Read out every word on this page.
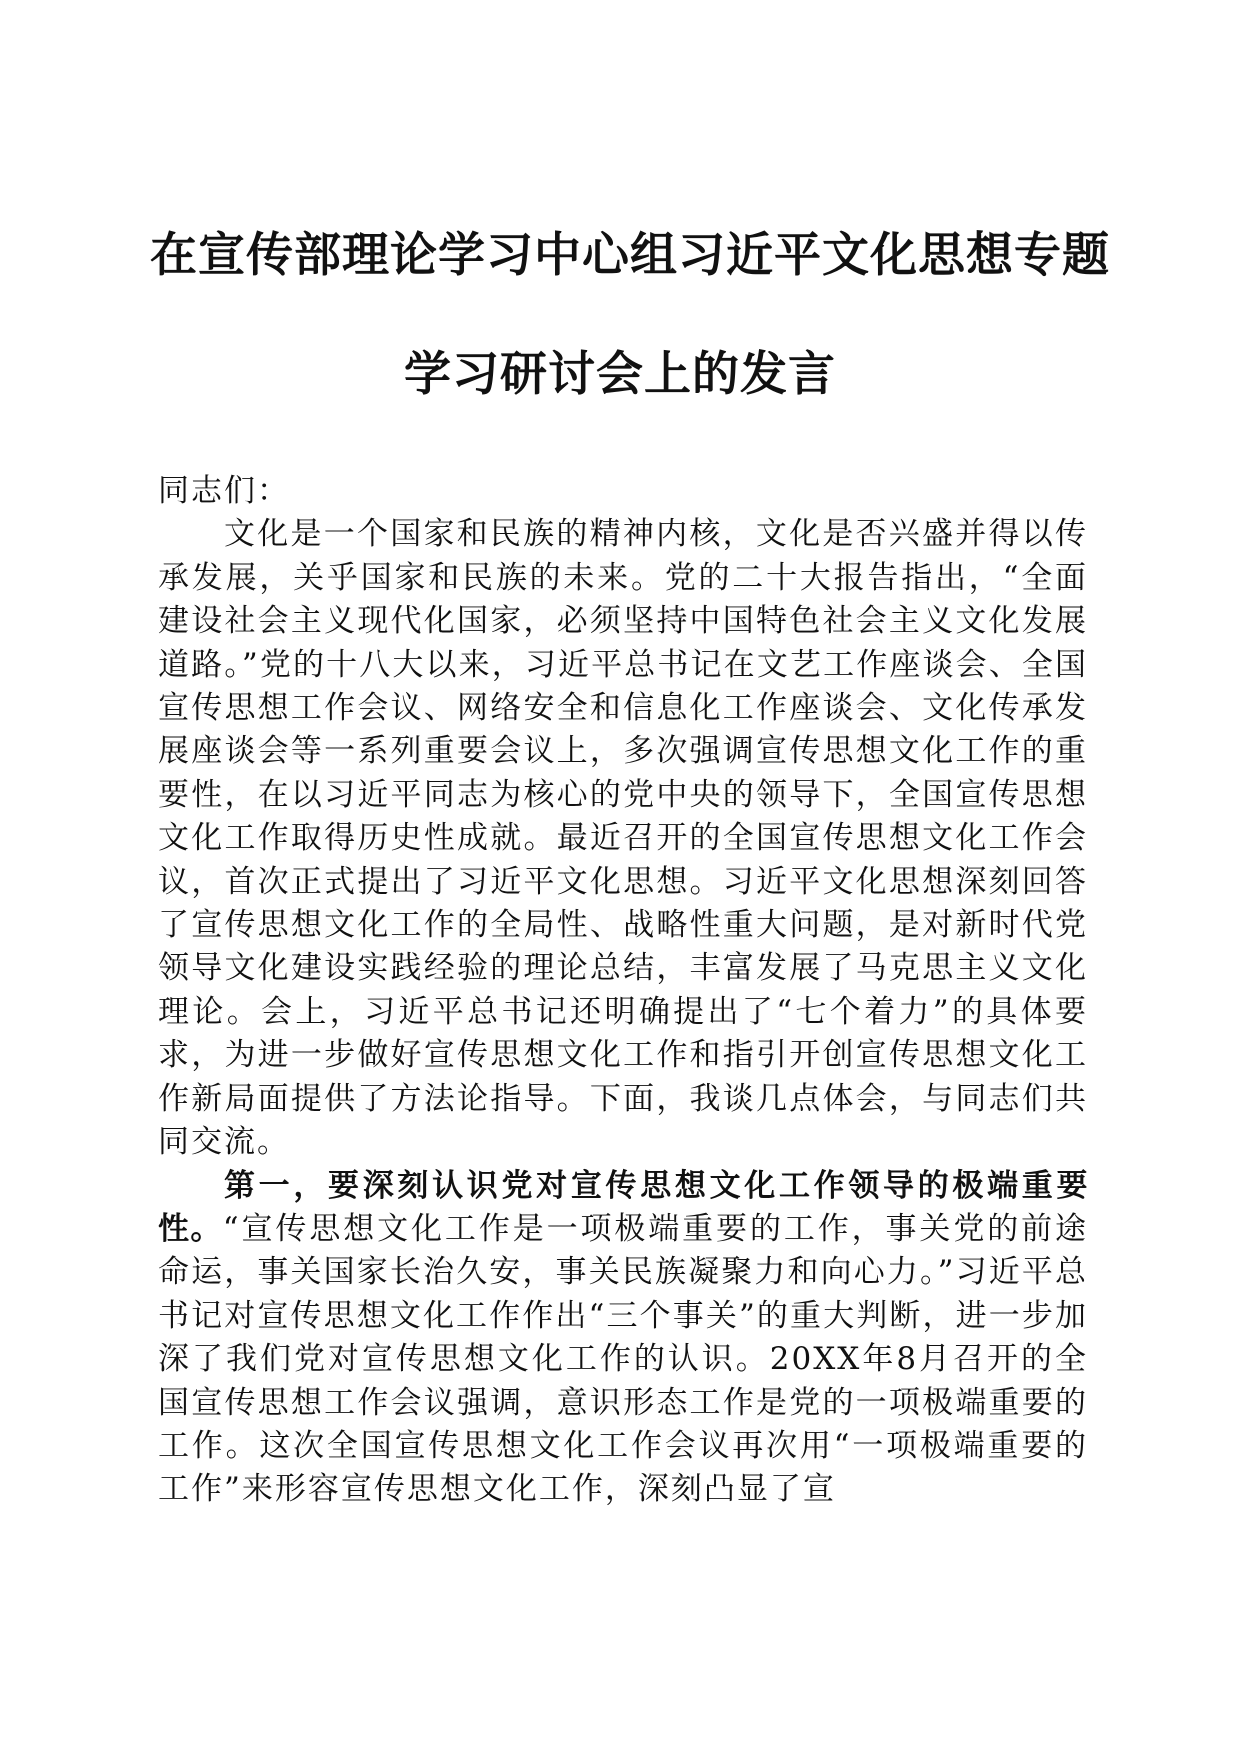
在宣传部理论学习中心组习近平文化思想专题
学习研讨会上的发言

同志们：

文化是一个国家和民族的精神内核，文化是否兴盛并得以传承发展，关乎国家和民族的未来。党的二十大报告指出，“全面建设社会主义现代化国家，必须坚持中国特色社会主义文化发展道路。”党的十八大以来，习近平总书记在文艺工作座谈会、全国宣传思想工作会议、网络安全和信息化工作座谈会、文化传承发展座谈会等一系列重要会议上，多次强调宣传思想文化工作的重要性，在以习近平同志为核心的党中央的领导下，全国宣传思想文化工作取得历史性成就。最近召开的全国宣传思想文化工作会议，首次正式提出了习近平文化思想。习近平文化思想深刻回答了宣传思想文化工作的全局性、战略性重大问题，是对新时代党领导文化建设实践经验的理论总结，丰富发展了马克思主义文化理论。会上，习近平总书记还明确提出了“七个着力”的具体要求，为进一步做好宣传思想文化工作和指引开创宣传思想文化工作新局面提供了方法论指导。下面，我谈几点体会，与同志们共同交流。

第一，要深刻认识党对宣传思想文化工作领导的极端重要性。“宣传思想文化工作是一项极端重要的工作，事关党的前途命运，事关国家长治久安，事关民族凝聚力和向心力。”习近平总书记对宣传思想文化工作作出“三个事关”的重大判断，进一步加深了我们党对宣传思想文化工作的认识。20XX年8月召开的全国宣传思想工作会议强调，意识形态工作是党的一项极端重要的工作。这次全国宣传思想文化工作会议再次用“一项极端重要的工作”来形容宣传思想文化工作，深刻凸显了宣
